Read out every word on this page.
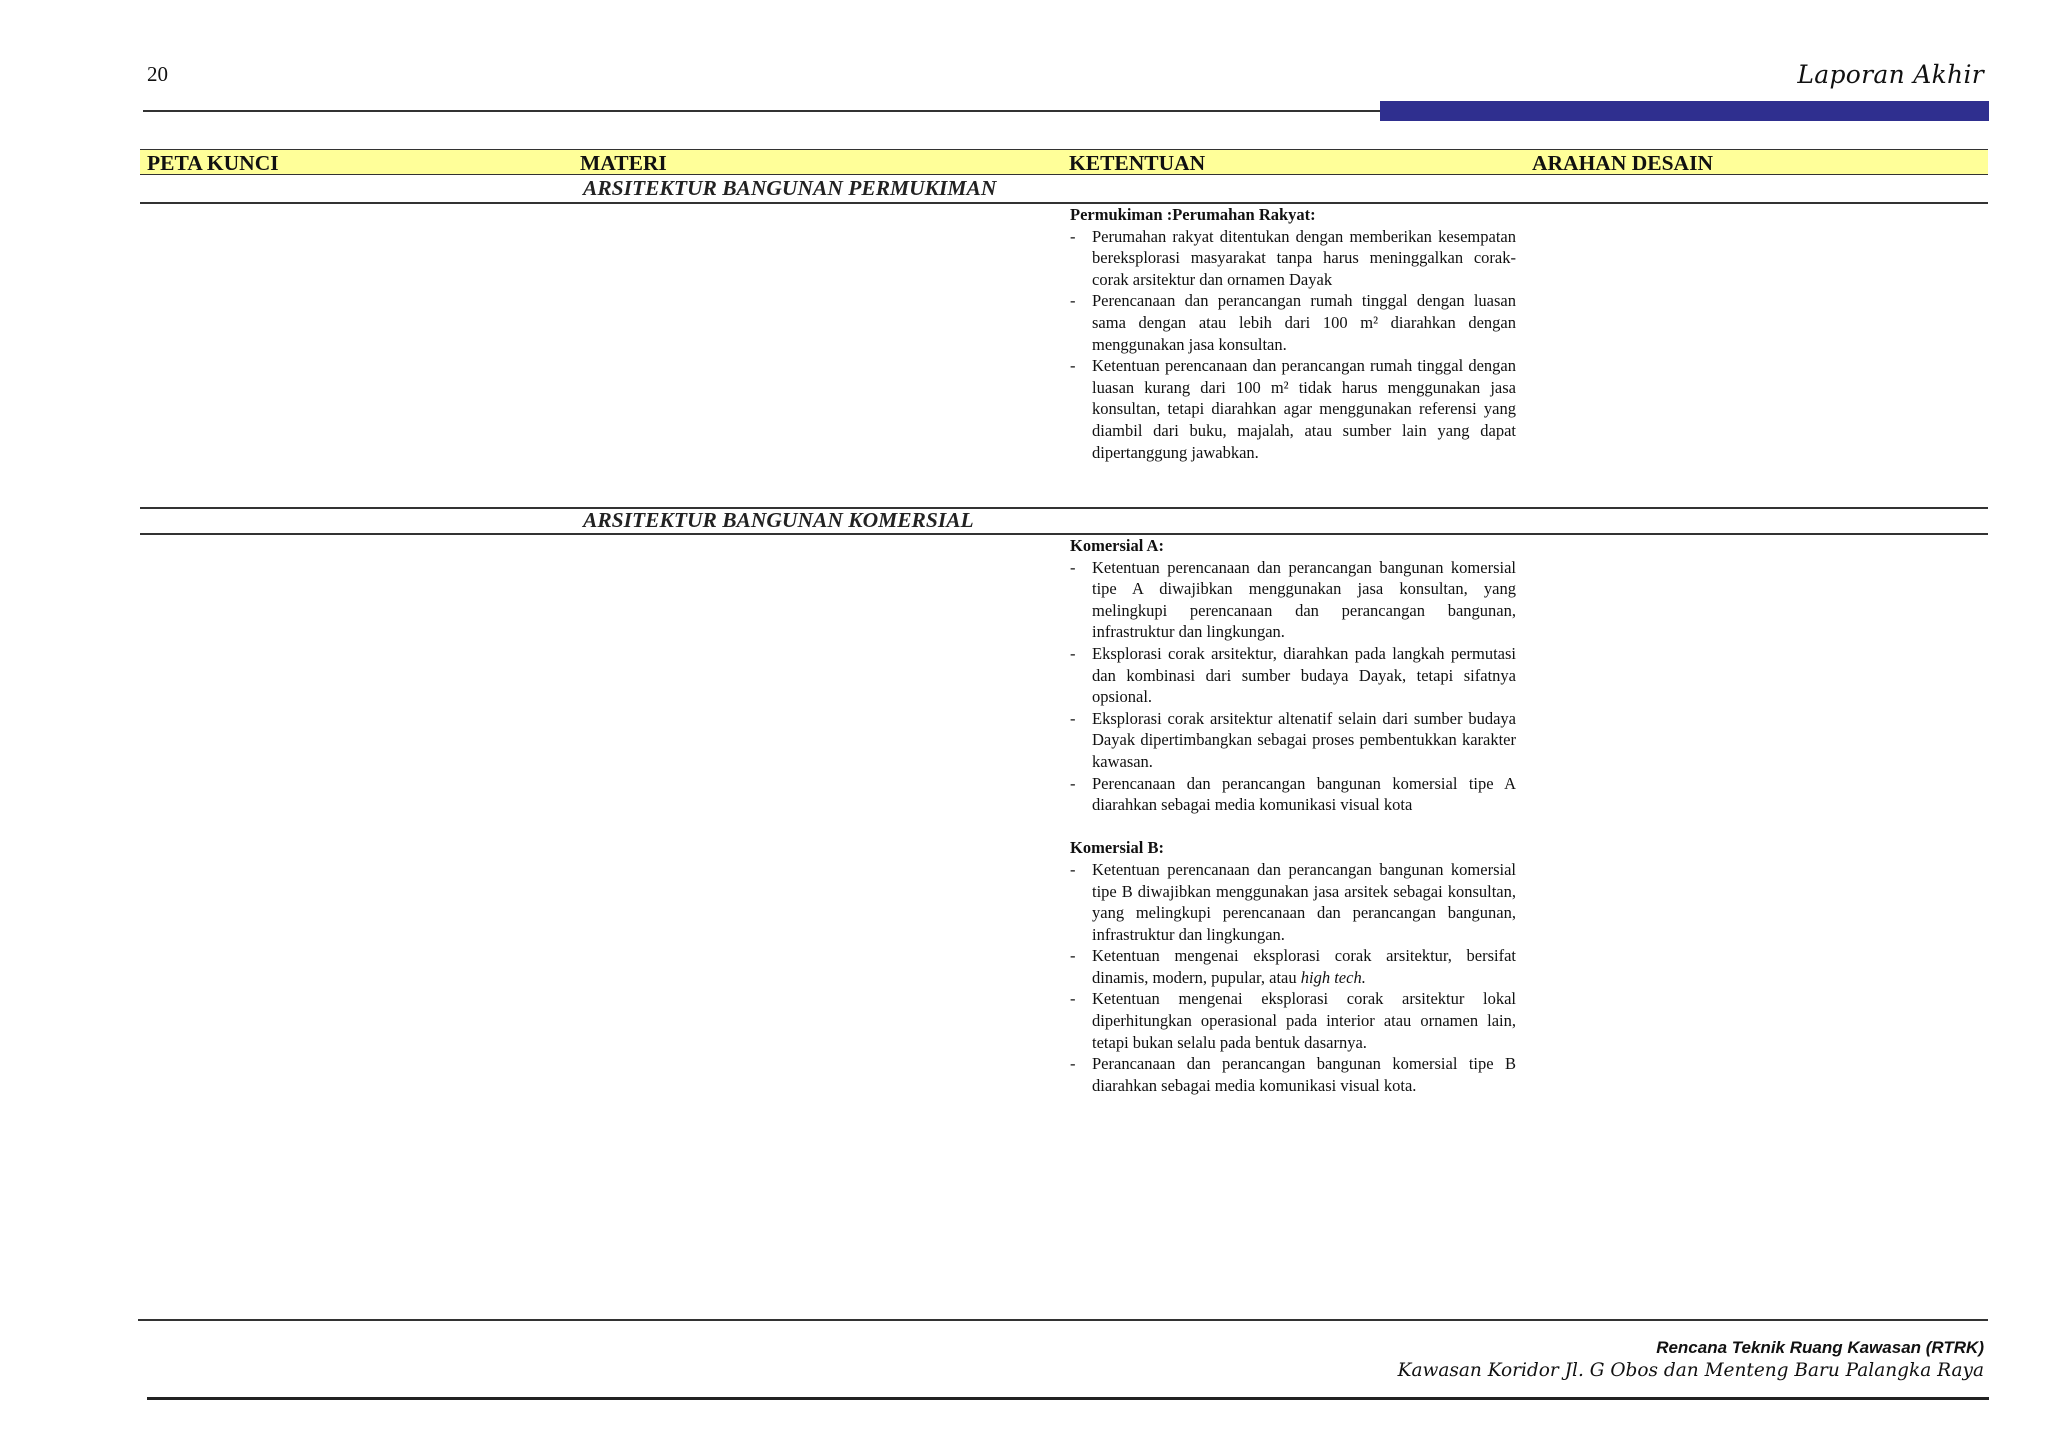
20	Laporan Akhir
PETA KUNCI	MATERI	KETENTUAN	ARAHAN DESAIN
ARSITEKTUR BANGUNAN PERMUKIMAN
Permukiman :Perumahan Rakyat:
- Perumahan rakyat ditentukan dengan memberikan kesempatan bereksplorasi masyarakat tanpa harus meninggalkan corak-corak arsitektur dan ornamen Dayak
- Perencanaan dan perancangan rumah tinggal dengan luasan sama dengan atau lebih dari 100 m² diarahkan dengan menggunakan jasa konsultan.
- Ketentuan perencanaan dan perancangan rumah tinggal dengan luasan kurang dari 100 m² tidak harus menggunakan jasa konsultan, tetapi diarahkan agar menggunakan referensi yang diambil dari buku, majalah, atau sumber lain yang dapat dipertanggung jawabkan.
ARSITEKTUR BANGUNAN KOMERSIAL
Komersial A:
- Ketentuan perencanaan dan perancangan bangunan komersial tipe A diwajibkan menggunakan jasa konsultan, yang melingkupi perencanaan dan perancangan bangunan, infrastruktur dan lingkungan.
- Eksplorasi corak arsitektur, diarahkan pada langkah permutasi dan kombinasi dari sumber budaya Dayak, tetapi sifatnya opsional.
- Eksplorasi corak arsitektur altenatif selain dari sumber budaya Dayak dipertimbangkan sebagai proses pembentukkan karakter kawasan.
- Perencanaan dan perancangan bangunan komersial tipe A diarahkan sebagai media komunikasi visual kota
Komersial B:
- Ketentuan perencanaan dan perancangan bangunan komersial tipe B diwajibkan menggunakan jasa arsitek sebagai konsultan, yang melingkupi perencanaan dan perancangan bangunan, infrastruktur dan lingkungan.
- Ketentuan mengenai eksplorasi corak arsitektur, bersifat dinamis, modern, pupular, atau high tech.
- Ketentuan mengenai eksplorasi corak arsitektur lokal diperhitungkan operasional pada interior atau ornamen lain, tetapi bukan selalu pada bentuk dasarnya.
- Perancanaan dan perancangan bangunan komersial tipe B diarahkan sebagai media komunikasi visual kota.
Rencana Teknik Ruang Kawasan (RTRK)
Kawasan Koridor Jl. G Obos dan Menteng Baru Palangka Raya
